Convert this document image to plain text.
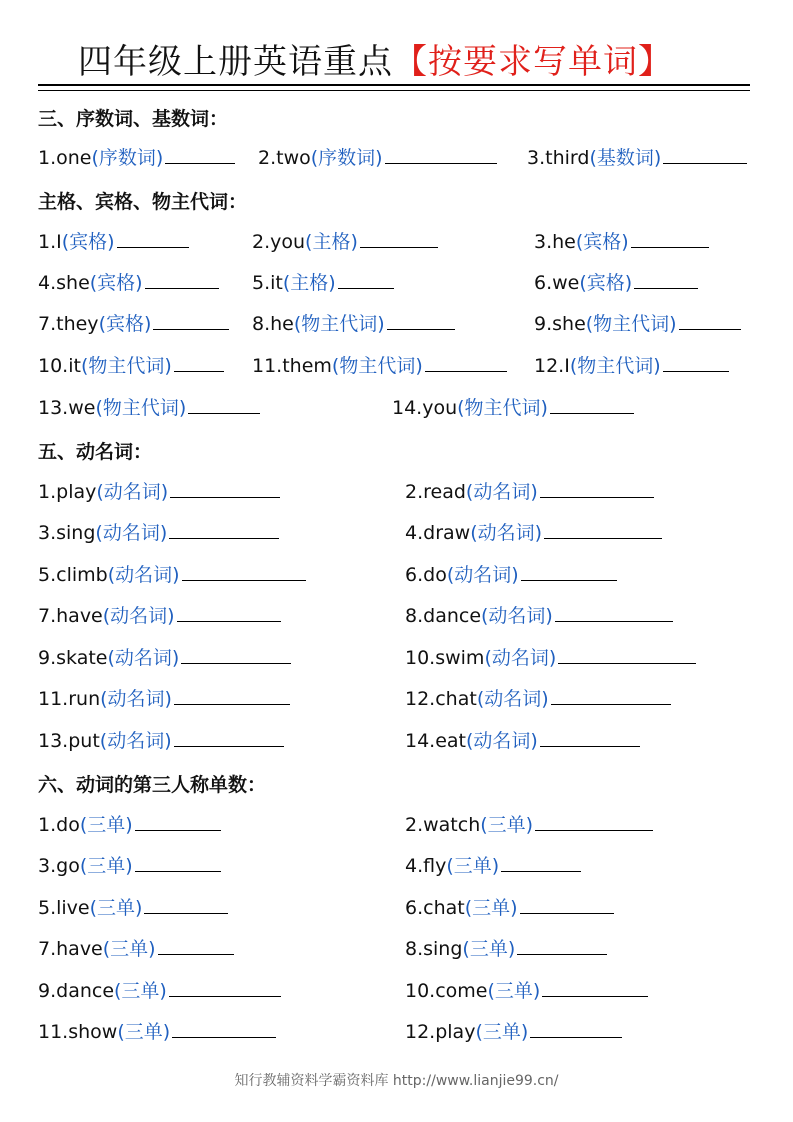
四年级上册英语重点【按要求写单词】
三、序数词、基数词：
1.one(序数词)	2.two(序数词)	3.third(基数词)
主格、宾格、物主代词：
1.I(宾格)	2.you(主格)	3.he(宾格)
4.she(宾格)	5.it(主格)	6.we(宾格)
7.they(宾格)	8.he(物主代词)	9.she(物主代词)
10.it(物主代词)	11.them(物主代词)	12.I(物主代词)
13.we(物主代词)	14.you(物主代词)
五、动名词：
1.play(动名词)	2.read(动名词)
3.sing(动名词)	4.draw(动名词)
5.climb(动名词)	6.do(动名词)
7.have(动名词)	8.dance(动名词)
9.skate(动名词)	10.swim(动名词)
11.run(动名词)	12.chat(动名词)
13.put(动名词)	14.eat(动名词)
六、动词的第三人称单数：
1.do(三单)	2.watch(三单)
3.go(三单)	4.fly(三单)
5.live(三单)	6.chat(三单)
7.have(三单)	8.sing(三单)
9.dance(三单)	10.come(三单)
11.show(三单)	12.play(三单)
知行教辅资料学霸资料库 http://www.lianjie99.cn/
